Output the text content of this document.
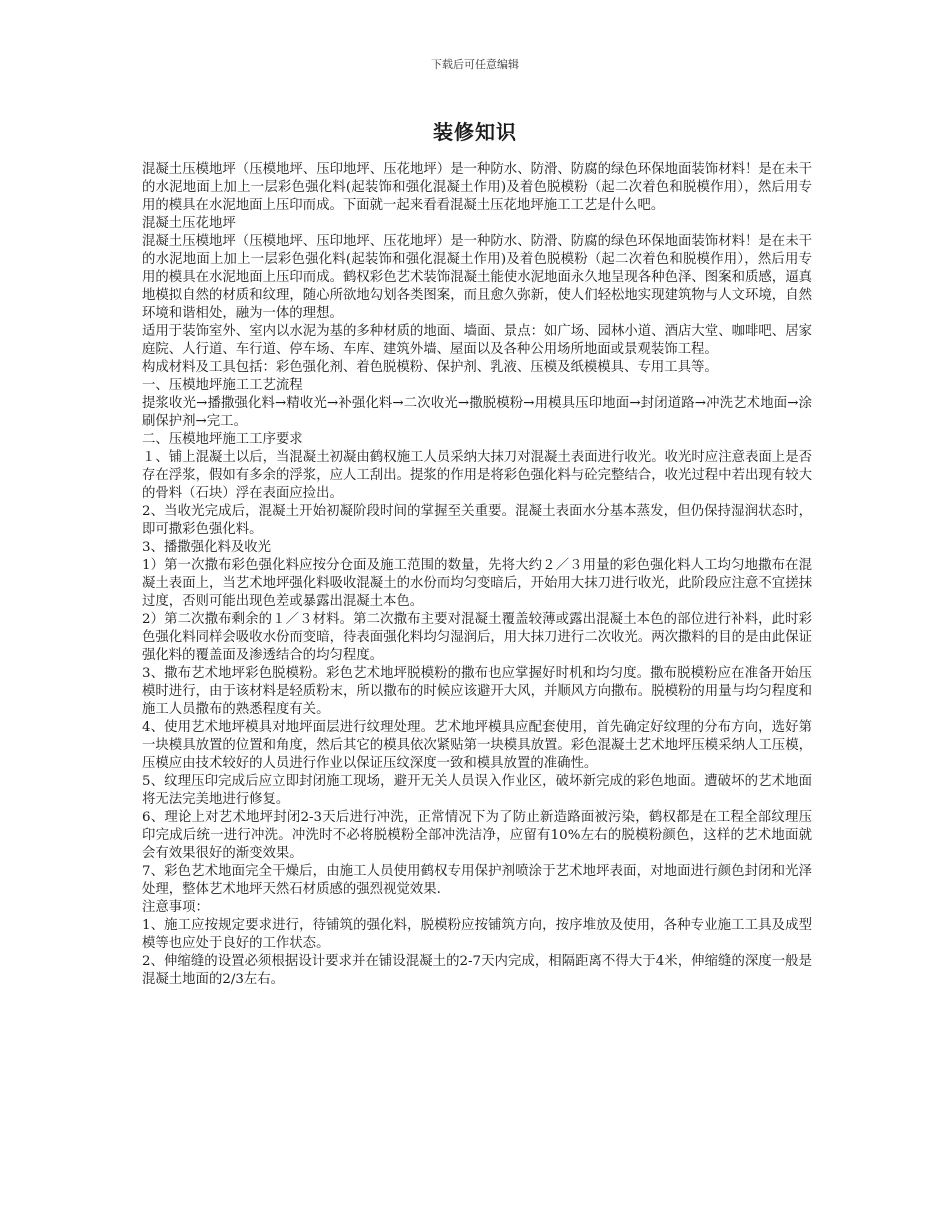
下载后可任意编辑
装修知识

混凝土压模地坪（压模地坪、压印地坪、压花地坪）是一种防水、防滑、防腐的绿色环保地面装饰材料！是在未干的水泥地面上加上一层彩色强化料(起装饰和强化混凝土作用)及着色脱模粉（起二次着色和脱模作用），然后用专用的模具在水泥地面上压印而成。下面就一起来看看混凝土压花地坪施工工艺是什么吧。

混凝土压花地坪

混凝土压模地坪（压模地坪、压印地坪、压花地坪）是一种防水、防滑、防腐的绿色环保地面装饰材料！是在未干的水泥地面上加上一层彩色强化料(起装饰和强化混凝土作用)及着色脱模粉（起二次着色和脱模作用），然后用专用的模具在水泥地面上压印而成。鹤权彩色艺术装饰混凝土能使水泥地面永久地呈现各种色泽、图案和质感，逼真地模拟自然的材质和纹理，随心所欲地勾划各类图案，而且愈久弥新，使人们轻松地实现建筑物与人文环境，自然环境和谐相处，融为一体的理想。

适用于装饰室外、室内以水泥为基的多种材质的地面、墙面、景点：如广场、园林小道、酒店大堂、咖啡吧、居家庭院、人行道、车行道、停车场、车库、建筑外墙、屋面以及各种公用场所地面或景观装饰工程。

构成材料及工具包括：彩色强化剂、着色脱模粉、保护剂、乳液、压模及纸模模具、专用工具等。

一、压模地坪施工工艺流程

提浆收光→播撒强化料→精收光→补强化料→二次收光→撒脱模粉→用模具压印地面→封闭道路→冲洗艺术地面→涂刷保护剂→完工。

二、压模地坪施工工序要求

１、铺上混凝土以后，当混凝土初凝由鹤权施工人员采纳大抹刀对混凝土表面进行收光。收光时应注意表面上是否存在浮浆，假如有多余的浮浆，应人工刮出。提浆的作用是将彩色强化料与砼完整结合，收光过程中若出现有较大的骨料（石块）浮在表面应捡出。

2、当收光完成后，混凝土开始初凝阶段时间的掌握至关重要。混凝土表面水分基本蒸发，但仍保持湿润状态时，即可撒彩色强化料。

3、播撒强化料及收光

1）第一次撒布彩色强化料应按分仓面及施工范围的数量，先将大约２／３用量的彩色强化料人工均匀地撒布在混凝土表面上，当艺术地坪强化料吸收混凝土的水份而均匀变暗后，开始用大抹刀进行收光，此阶段应注意不宜搓抹过度，否则可能出现色差或暴露出混凝土本色。

2）第二次撒布剩余的１／３材料。第二次撒布主要对混凝土覆盖较薄或露出混凝土本色的部位进行补料，此时彩色强化料同样会吸收水份而变暗，待表面强化料均匀湿润后，用大抹刀进行二次收光。两次撒料的目的是由此保证强化料的覆盖面及渗透结合的均匀程度。

3、撒布艺术地坪彩色脱模粉。彩色艺术地坪脱模粉的撒布也应掌握好时机和均匀度。撒布脱模粉应在准备开始压模时进行，由于该材料是轻质粉末，所以撒布的时候应该避开大风，并顺风方向撒布。脱模粉的用量与均匀程度和施工人员撒布的熟悉程度有关。

4、使用艺术地坪模具对地坪面层进行纹理处理。艺术地坪模具应配套使用，首先确定好纹理的分布方向，选好第一块模具放置的位置和角度，然后其它的模具依次紧贴第一块模具放置。彩色混凝土艺术地坪压模采纳人工压模，压模应由技术较好的人员进行作业以保证压纹深度一致和模具放置的准确性。

5、纹理压印完成后应立即封闭施工现场，避开无关人员误入作业区，破坏新完成的彩色地面。遭破坏的艺术地面将无法完美地进行修复。

6、理论上对艺术地坪封闭2-3天后进行冲洗，正常情况下为了防止新造路面被污染，鹤权都是在工程全部纹理压印完成后统一进行冲洗。冲洗时不必将脱模粉全部冲洗洁净，应留有10%左右的脱模粉颜色，这样的艺术地面就会有效果很好的渐变效果。

7、彩色艺术地面完全干燥后，由施工人员使用鹤权专用保护剂喷涂于艺术地坪表面，对地面进行颜色封闭和光泽处理，整体艺术地坪天然石材质感的强烈视觉效果.

注意事项：

1、施工应按规定要求进行，待铺筑的强化料，脱模粉应按铺筑方向，按序堆放及使用，各种专业施工工具及成型模等也应处于良好的工作状态。

2、伸缩缝的设置必须根据设计要求并在铺设混凝土的2-7天内完成，相隔距离不得大于4米，伸缩缝的深度一般是混凝土地面的2/3左右。
